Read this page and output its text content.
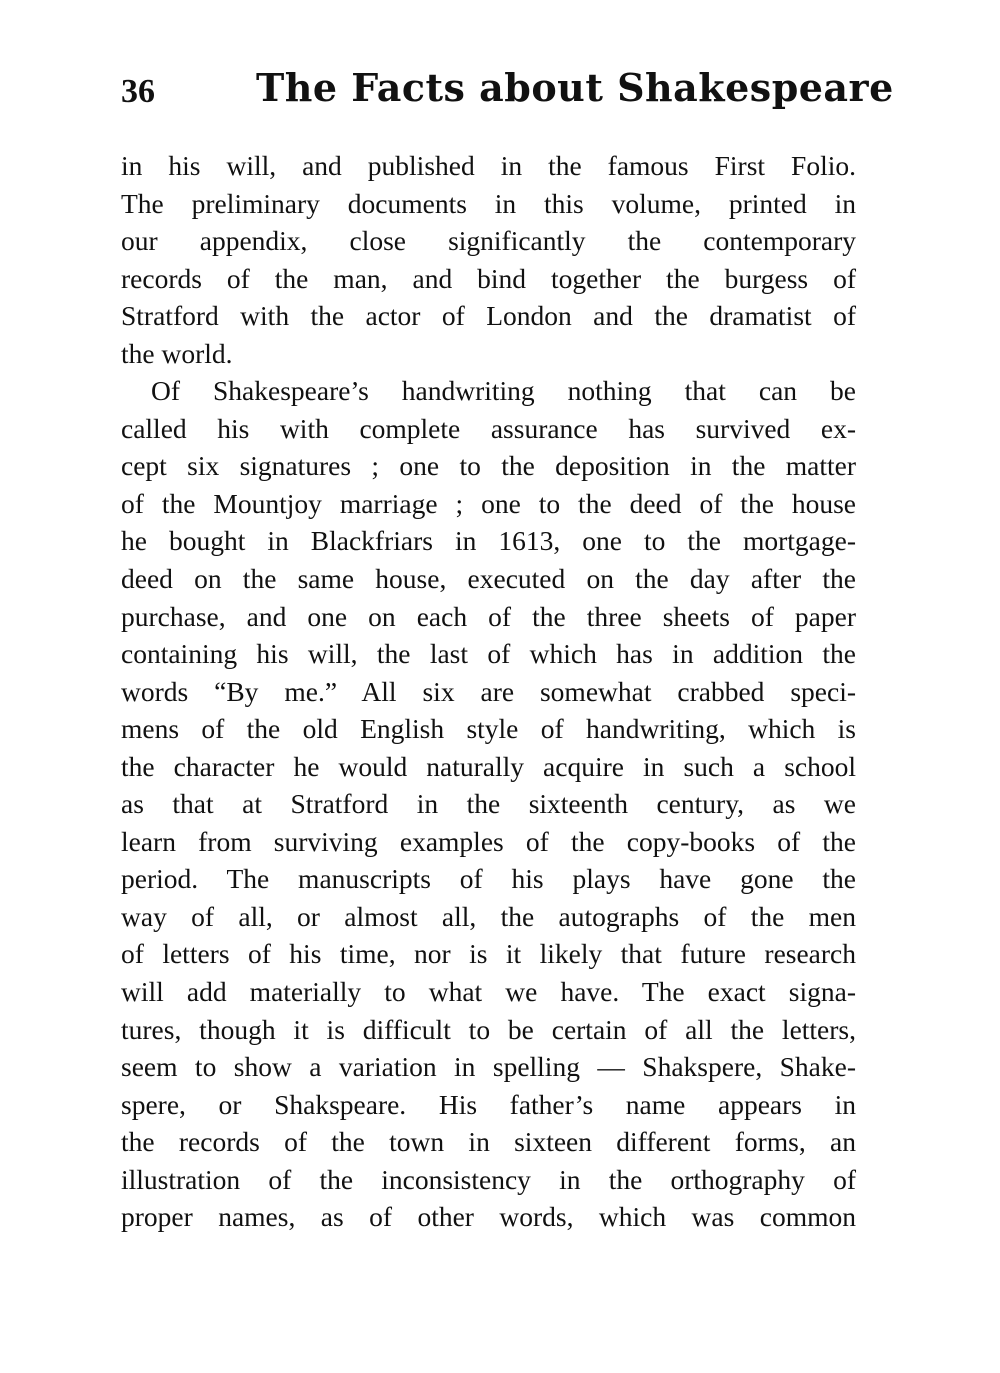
36	The Facts about Shakespeare
in his will, and published in the famous First Folio.
The preliminary documents in this volume, printed in
our appendix, close significantly the contemporary
records of the man, and bind together the burgess of
Stratford with the actor of London and the dramatist of
the world.
Of Shakespeare’s handwriting nothing that can be
called his with complete assurance has survived ex-
cept six signatures ; one to the deposition in the matter
of the Mountjoy marriage ; one to the deed of the house
he bought in Blackfriars in 1613, one to the mortgage-
deed on the same house, executed on the day after the
purchase, and one on each of the three sheets of paper
containing his will, the last of which has in addition the
words “By me.” All six are somewhat crabbed speci-
mens of the old English style of handwriting, which is
the character he would naturally acquire in such a school
as that at Stratford in the sixteenth century, as we
learn from surviving examples of the copy-books of the
period. The manuscripts of his plays have gone the
way of all, or almost all, the autographs of the men
of letters of his time, nor is it likely that future research
will add materially to what we have. The exact signa-
tures, though it is difficult to be certain of all the letters,
seem to show a variation in spelling — Shakspere, Shake-
spere, or Shakspeare. His father’s name appears in
the records of the town in sixteen different forms, an
illustration of the inconsistency in the orthography of
proper names, as of other words, which was common
